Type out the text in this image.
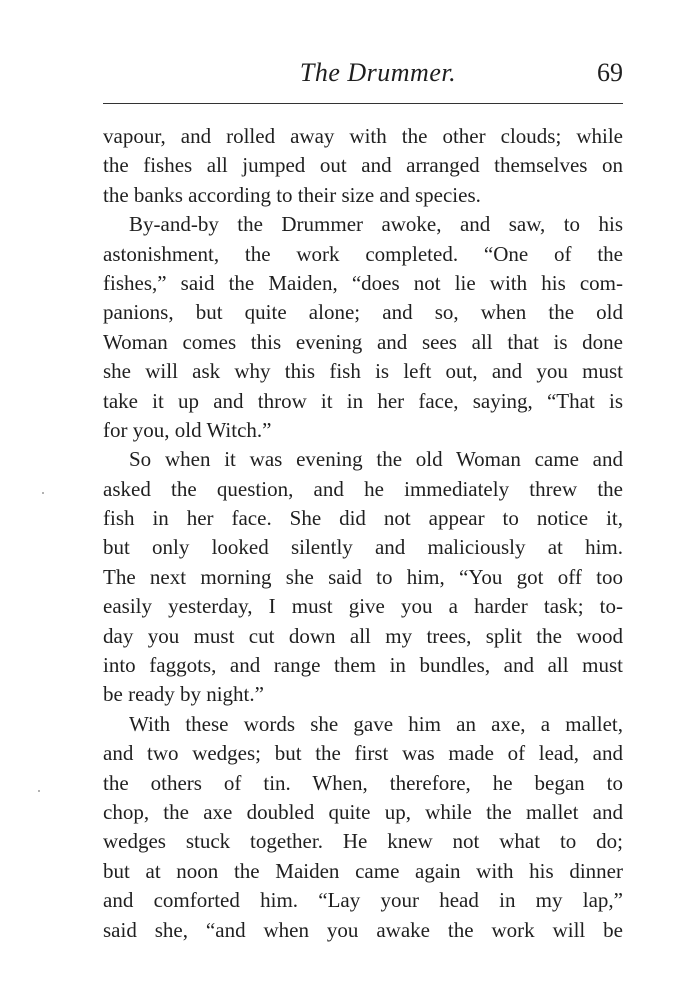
The Drummer.	69
vapour, and rolled away with the other clouds; while
the fishes all jumped out and arranged themselves on
the banks according to their size and species.
By-and-by the Drummer awoke, and saw, to his
astonishment, the work completed. “One of the
fishes,” said the Maiden, “does not lie with his com-
panions, but quite alone; and so, when the old
Woman comes this evening and sees all that is done
she will ask why this fish is left out, and you must
take it up and throw it in her face, saying, “That is
for you, old Witch.”
So when it was evening the old Woman came and
asked the question, and he immediately threw the
fish in her face. She did not appear to notice it,
but only looked silently and maliciously at him.
The next morning she said to him, “You got off too
easily yesterday, I must give you a harder task; to-
day you must cut down all my trees, split the wood
into faggots, and range them in bundles, and all must
be ready by night.”
With these words she gave him an axe, a mallet,
and two wedges; but the first was made of lead, and
the others of tin. When, therefore, he began to
chop, the axe doubled quite up, while the mallet and
wedges stuck together. He knew not what to do;
but at noon the Maiden came again with his dinner
and comforted him. “Lay your head in my lap,”
said she, “and when you awake the work will be
